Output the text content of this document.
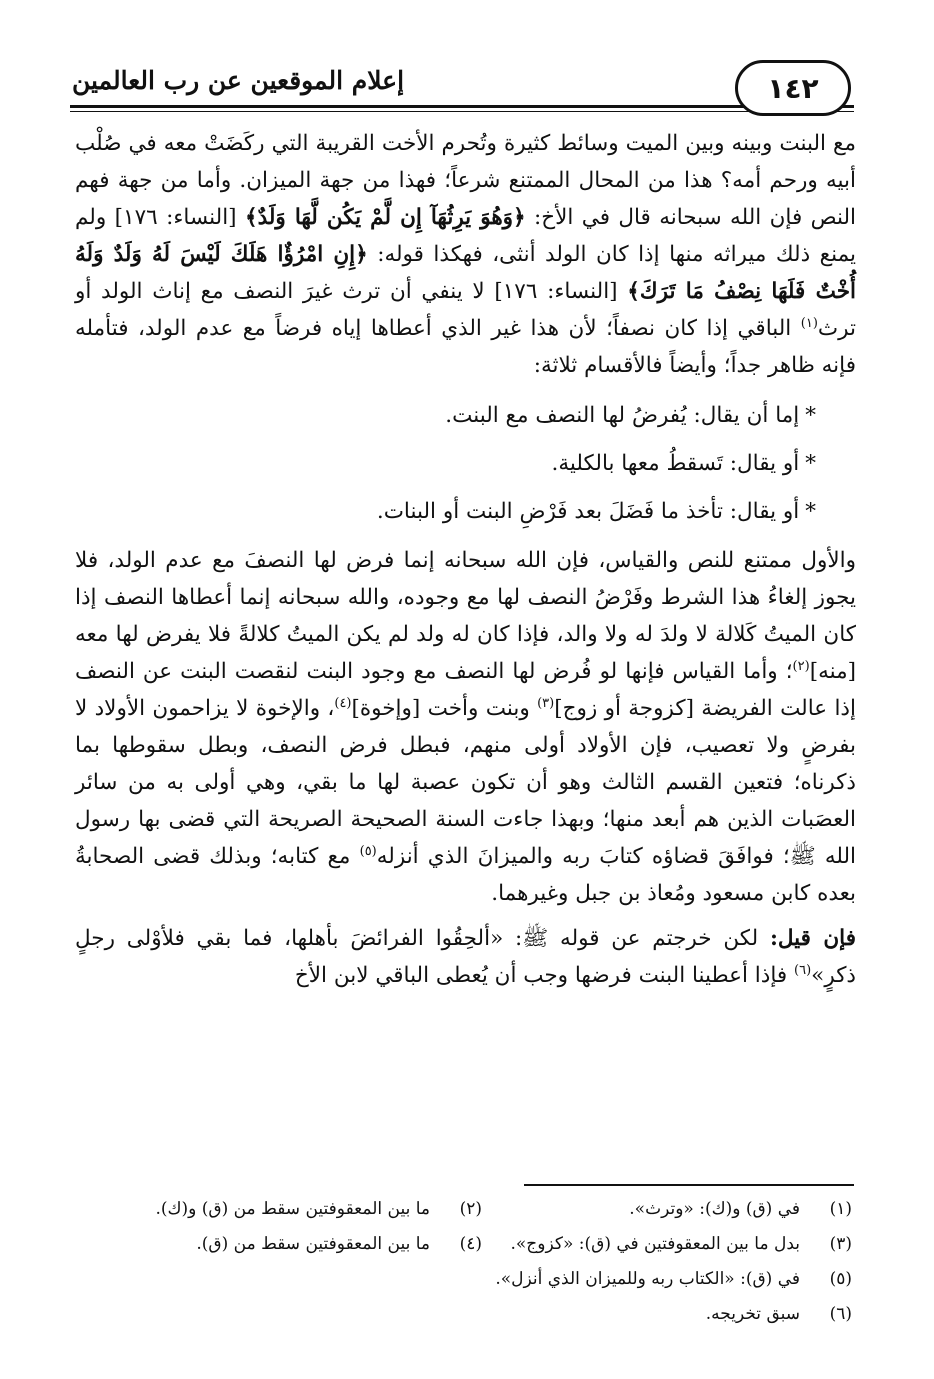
إعلام الموقعين عن رب العالمين	١٤٢

مع البنت وبينه وبين الميت وسائط كثيرة وتُحرم الأخت القريبة التي ركَضَتْ معه في صُلْب أبيه ورحم أمه؟ هذا من المحال الممتنع شرعاً؛ فهذا من جهة الميزان. وأما من جهة فهم النص فإن الله سبحانه قال في الأخ: ﴿وَهُوَ يَرِثُهَآ إِن لَّمْ يَكُن لَّهَا وَلَدٌ﴾ [النساء: ١٧٦] ولم يمنع ذلك ميراثه منها إذا كان الولد أنثى، فهكذا قوله: ﴿إِنِ امْرُؤٌا هَلَكَ لَيْسَ لَهُ وَلَدٌ وَلَهُ أُخْتٌ فَلَهَا نِصْفُ مَا تَرَكَ﴾ [النساء: ١٧٦] لا ينفي أن ترث غيرَ النصف مع إناث الولد أو ترث$^{(١)}$ الباقي إذا كان نصفاً؛ لأن هذا غير الذي أعطاها إياه فرضاً مع عدم الولد، فتأمله فإنه ظاهر جداً؛ وأيضاً فالأقسام ثلاثة:

*إما أن يقال: يُفرضُ لها النصف مع البنت.

*أو يقال: تَسقطُ معها بالكلية.

*أو يقال: تأخذ ما فَضَلَ بعد فَرْضِ البنت أو البنات.

والأول ممتنع للنص والقياس، فإن الله سبحانه إنما فرض لها النصفَ مع عدم الولد، فلا يجوز إلغاءُ هذا الشرط وفَرْضُ النصف لها مع وجوده، والله سبحانه إنما أعطاها النصف إذا كان الميتُ كَلالة لا ولدَ له ولا والد، فإذا كان له ولد لم يكن الميتُ كلالةً فلا يفرض لها معه [منه]$^{(٢)}$؛ وأما القياس فإنها لو فُرض لها النصف مع وجود البنت لنقصت البنت عن النصف إذا عالت الفريضة [كزوجة أو زوج]$^{(٣)}$ وبنت وأخت [وإخوة]$^{(٤)}$، والإخوة لا يزاحمون الأولاد لا بفرضٍ ولا تعصيب، فإن الأولاد أولى منهم، فبطل فرض النصف، وبطل سقوطها بما ذكرناه؛ فتعين القسم الثالث وهو أن تكون عصبة لها ما بقي، وهي أولى به من سائر العصَبات الذين هم أبعد منها؛ وبهذا جاءت السنة الصحيحة الصريحة التي قضى بها رسول الله ﷺ؛ فوافَقَ قضاؤه كتابَ ربه والميزانَ الذي أنزله$^{(٥)}$ مع كتابه؛ وبذلك قضى الصحابةُ بعده كابن مسعود ومُعاذ بن جبل وغيرهما.

فإن قيل: لكن خرجتم عن قوله ﷺ: «ألحِقُوا الفرائضَ بأهلها، فما بقي فلأوْلى رجلٍ ذكرٍ»$^{(٦)}$ فإذا أعطينا البنت فرضها وجب أن يُعطى الباقي لابن الأخ

(١)
في (ق) و(ك): «وترث».
(٢)
ما بين المعقوفتين سقط من (ق) و(ك).
(٣)
بدل ما بين المعقوفتين في (ق): «كزوج».
(٤)
ما بين المعقوفتين سقط من (ق).
(٥)
في (ق): «الكتاب ربه وللميزان الذي أنزل».
(٦)
سبق تخريجه.
